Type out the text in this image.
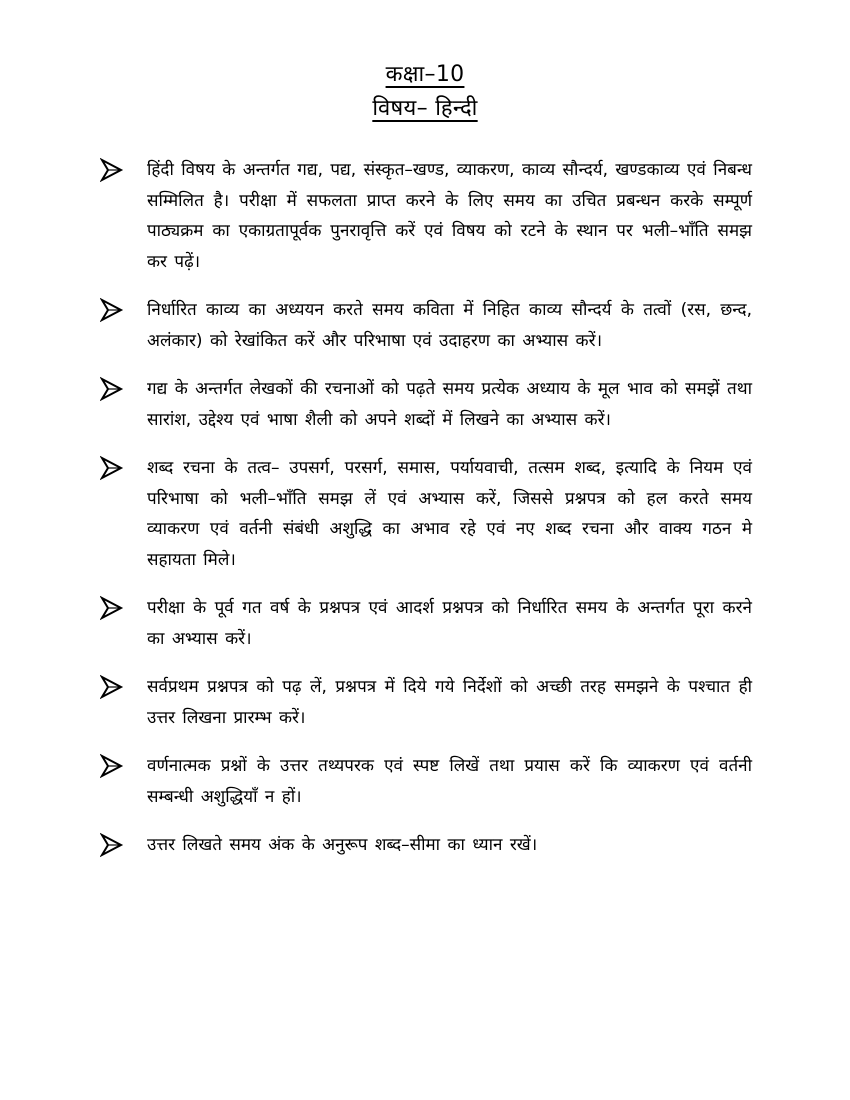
कक्षा–10
विषय– हिन्दी
हिंदी विषय के अन्तर्गत गद्य, पद्य, संस्कृत–खण्ड, व्याकरण, काव्य सौन्दर्य, खण्डकाव्य एवं निबन्ध सम्मिलित है। परीक्षा में सफलता प्राप्त करने के लिए समय का उचित प्रबन्धन करके सम्पूर्ण पाठ्यक्रम का एकाग्रतापूर्वक पुनरावृत्ति करें एवं विषय को रटने के स्थान पर भली–भाँति समझ कर पढ़ें।
निर्धारित काव्य का अध्ययन करते समय कविता में निहित काव्य सौन्दर्य के तत्वों (रस, छन्द, अलंकार) को रेखांकित करें और परिभाषा एवं उदाहरण का अभ्यास करें।
गद्य के अन्तर्गत लेखकों की रचनाओं को पढ़ते समय प्रत्येक अध्याय के मूल भाव को समझें तथा सारांश, उद्देश्य एवं भाषा शैली को अपने शब्दों में लिखने का अभ्यास करें।
शब्द रचना के तत्व– उपसर्ग, परसर्ग, समास, पर्यायवाची, तत्सम शब्द, इत्यादि के नियम एवं परिभाषा को भली–भाँति समझ लें एवं अभ्यास करें, जिससे प्रश्नपत्र को हल करते समय व्याकरण एवं वर्तनी संबंधी अशुद्धि का अभाव रहे एवं नए शब्द रचना और वाक्य गठन मे सहायता मिले।
परीक्षा के पूर्व गत वर्ष के प्रश्नपत्र एवं आदर्श प्रश्नपत्र को निर्धारित समय के अन्तर्गत पूरा करने का अभ्यास करें।
सर्वप्रथम प्रश्नपत्र को पढ़ लें, प्रश्नपत्र में दिये गये निर्देशों को अच्छी तरह समझने के पश्चात ही उत्तर लिखना प्रारम्भ करें।
वर्णनात्मक प्रश्नों के उत्तर तथ्यपरक एवं स्पष्ट लिखें तथा प्रयास करें कि व्याकरण एवं वर्तनी सम्बन्धी अशुद्धियाँ न हों।
उत्तर लिखते समय अंक के अनुरूप शब्द–सीमा का ध्यान रखें।
